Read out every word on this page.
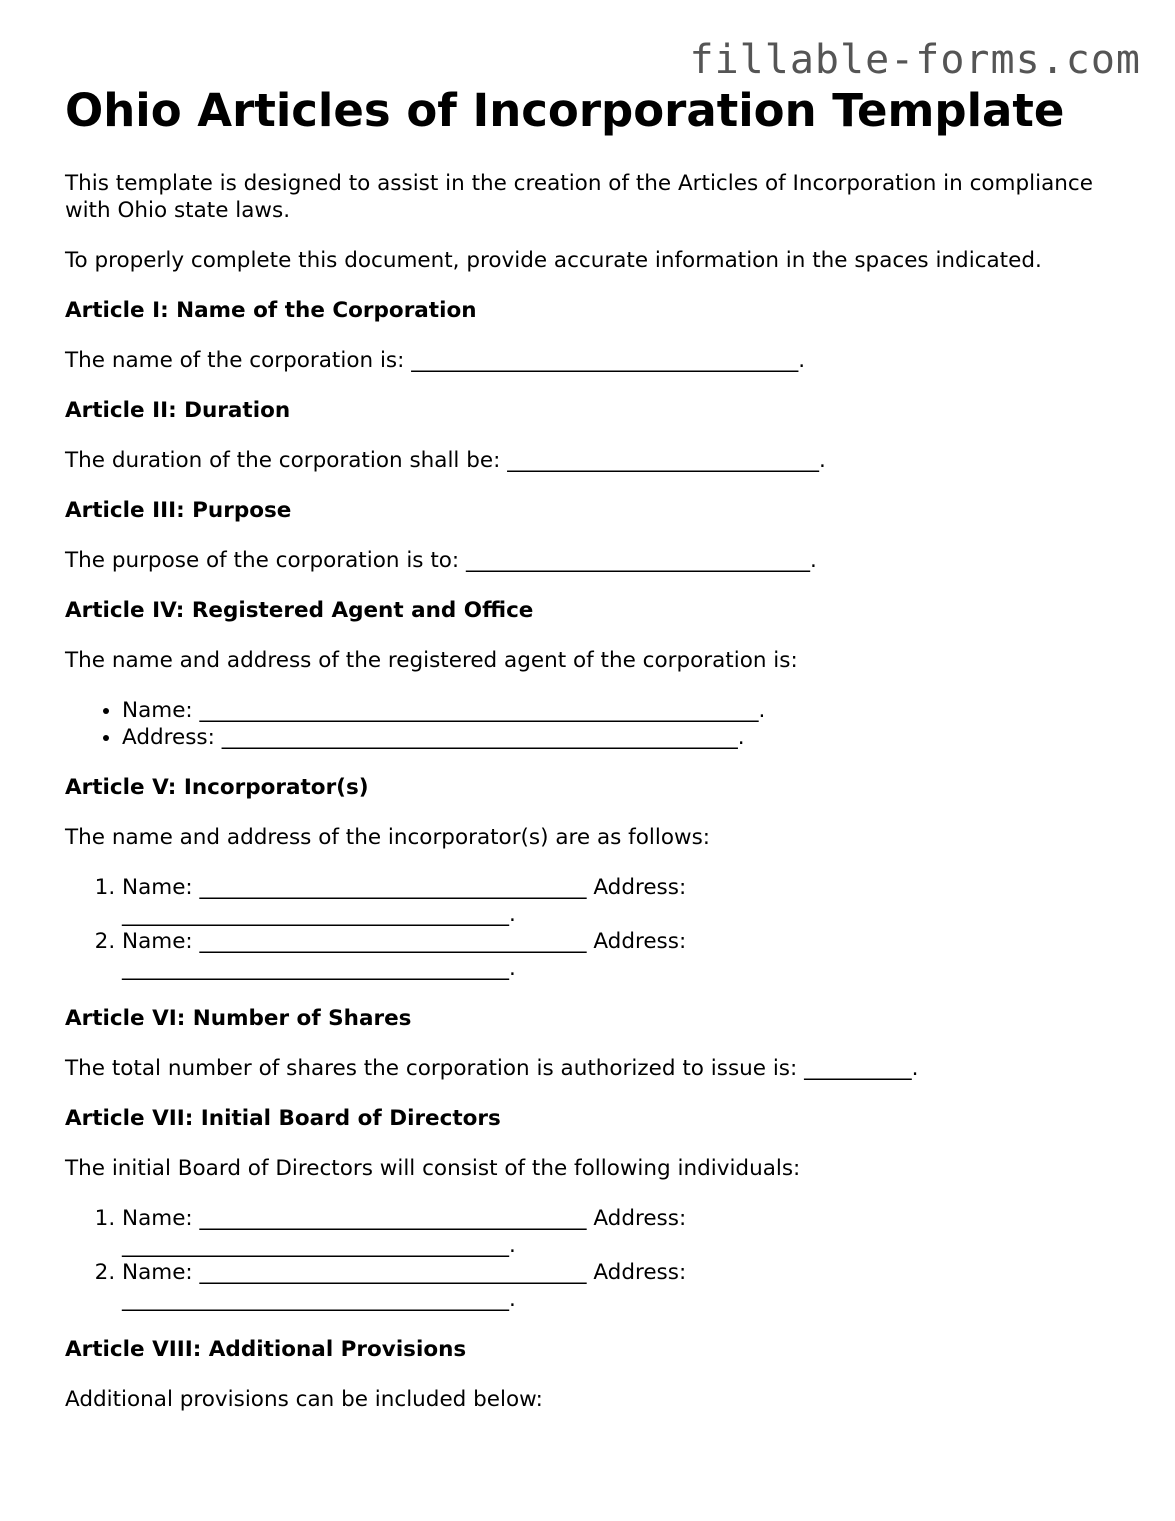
fillable-forms.com
Ohio Articles of Incorporation Template

This template is designed to assist in the creation of the Articles of Incorporation in compliance with Ohio state laws.

To properly complete this document, provide accurate information in the spaces indicated.

Article I: Name of the Corporation

The name of the corporation is: ____________________________________.

Article II: Duration

The duration of the corporation shall be: _____________________________.

Article III: Purpose

The purpose of the corporation is to: ________________________________.

Article IV: Registered Agent and Office

The name and address of the registered agent of the corporation is:

• Name: ____________________________________________________.
• Address: ________________________________________________.
Article V: Incorporator(s)

The name and address of the incorporator(s) are as follows:

1. Name: ____________________________________ Address: ____________________________________.
2. Name: ____________________________________ Address: ____________________________________.
Article VI: Number of Shares

The total number of shares the corporation is authorized to issue is: __________.

Article VII: Initial Board of Directors

The initial Board of Directors will consist of the following individuals:

1. Name: ____________________________________ Address: ____________________________________.
2. Name: ____________________________________ Address: ____________________________________.
Article VIII: Additional Provisions

Additional provisions can be included below:
